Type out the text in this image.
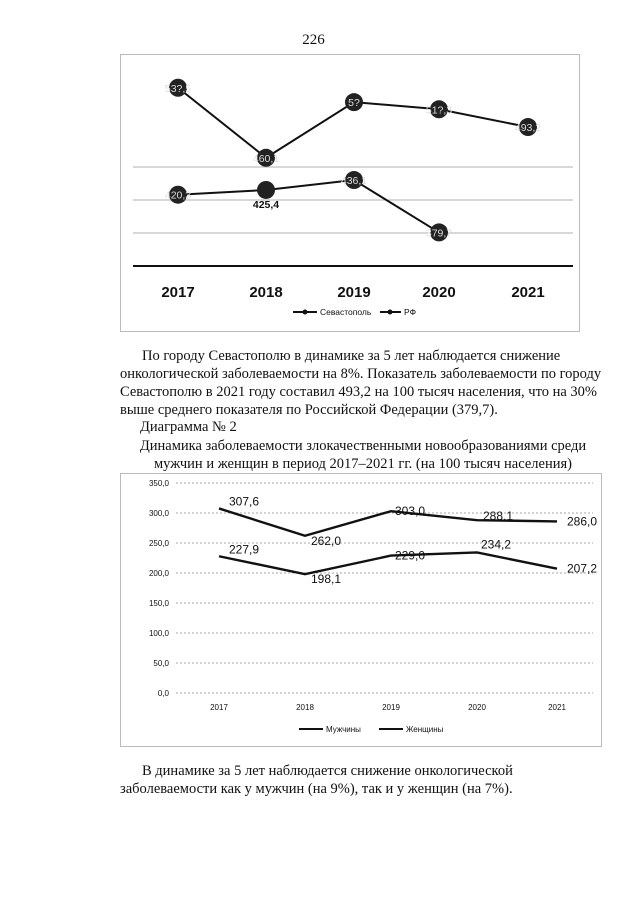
226
2017	2018	2019	2020	2021
53?,5
460,1
5?
51?,3
493,2
420,3
425,4
436,1
379,7
Севастополь	РФ

По городу Севастополю в динамике за 5 лет наблюдается снижение
онкологической заболеваемости на 8%. Показатель заболеваемости по городу
Севастополю в 2021 году составил 493,2 на 100 тысяч населения, что на 30%
выше среднего показателя по Российской Федерации (379,7).

Диаграмма № 2
Динамика заболеваемости злокачественными новообразованиями среди
мужчин и женщин в период 2017–2021 гг. (на 100 тысяч населения)
0,0
50,0
100,0
150,0
200,0
250,0
300,0
350,0
2017	2018	2019	2020	2021
307,6
262,0
303,0	288,1	286,0
227,9
198,1
229,0
234,2
207,2
Мужчины	Женщины

В динамике за 5 лет наблюдается снижение онкологической
заболеваемости как у мужчин (на 9%), так и у женщин (на 7%).
